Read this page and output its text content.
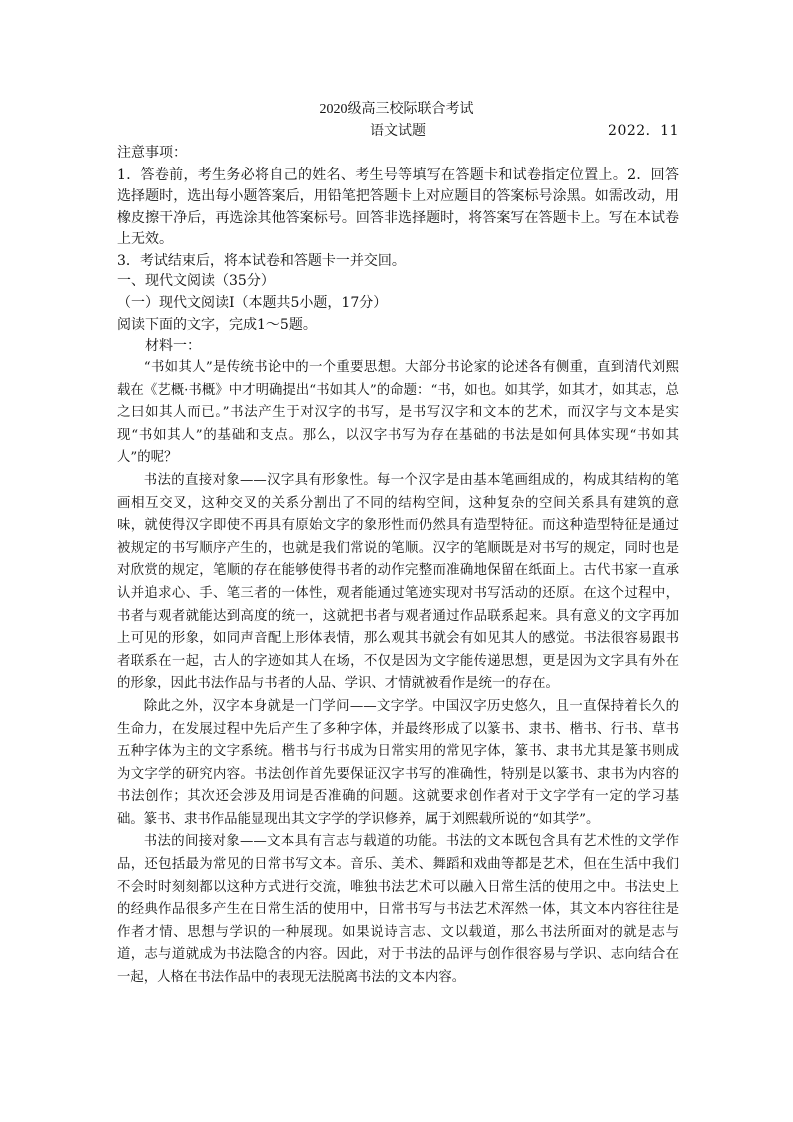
2020级高三校际联合考试
语文试题	2022．11

注意事项：

1．答卷前，考生务必将自己的姓名、考生号等填写在答题卡和试卷指定位置上。2．回答选择题时，选出每小题答案后，用铅笔把答题卡上对应题目的答案标号涂黑。如需改动，用橡皮擦干净后，再选涂其他答案标号。回答非选择题时，将答案写在答题卡上。写在本试卷上无效。

3．考试结束后，将本试卷和答题卡一并交回。

一、现代文阅读（35分）

（一）现代文阅读Ⅰ（本题共5小题，17分）

阅读下面的文字，完成1～5题。

材料一：

“书如其人”是传统书论中的一个重要思想。大部分书论家的论述各有侧重，直到清代刘熙载在《艺概·书概》中才明确提出“书如其人”的命题：“书，如也。如其学，如其才，如其志，总之曰如其人而已。”书法产生于对汉字的书写，是书写汉字和文本的艺术，而汉字与文本是实现“书如其人”的基础和支点。那么，以汉字书写为存在基础的书法是如何具体实现“书如其人”的呢？

书法的直接对象——汉字具有形象性。每一个汉字是由基本笔画组成的，构成其结构的笔画相互交叉，这种交叉的关系分割出了不同的结构空间，这种复杂的空间关系具有建筑的意味，就使得汉字即使不再具有原始文字的象形性而仍然具有造型特征。而这种造型特征是通过被规定的书写顺序产生的，也就是我们常说的笔顺。汉字的笔顺既是对书写的规定，同时也是对欣赏的规定，笔顺的存在能够使得书者的动作完整而准确地保留在纸面上。古代书家一直承认并追求心、手、笔三者的一体性，观者能通过笔迹实现对书写活动的还原。在这个过程中，书者与观者就能达到高度的统一，这就把书者与观者通过作品联系起来。具有意义的文字再加上可见的形象，如同声音配上形体表情，那么观其书就会有如见其人的感觉。书法很容易跟书者联系在一起，古人的字迹如其人在场，不仅是因为文字能传递思想，更是因为文字具有外在的形象，因此书法作品与书者的人品、学识、才情就被看作是统一的存在。

除此之外，汉字本身就是一门学问——文字学。中国汉字历史悠久，且一直保持着长久的生命力，在发展过程中先后产生了多种字体，并最终形成了以篆书、隶书、楷书、行书、草书五种字体为主的文字系统。楷书与行书成为日常实用的常见字体，篆书、隶书尤其是篆书则成为文字学的研究内容。书法创作首先要保证汉字书写的准确性，特别是以篆书、隶书为内容的书法创作；其次还会涉及用词是否准确的问题。这就要求创作者对于文字学有一定的学习基础。篆书、隶书作品能显现出其文字学的学识修养，属于刘熙载所说的“如其学”。

书法的间接对象——文本具有言志与载道的功能。书法的文本既包含具有艺术性的文学作品，还包括最为常见的日常书写文本。音乐、美术、舞蹈和戏曲等都是艺术，但在生活中我们不会时时刻刻都以这种方式进行交流，唯独书法艺术可以融入日常生活的使用之中。书法史上的经典作品很多产生在日常生活的使用中，日常书写与书法艺术浑然一体，其文本内容往往是作者才情、思想与学识的一种展现。如果说诗言志、文以载道，那么书法所面对的就是志与道，志与道就成为书法隐含的内容。因此，对于书法的品评与创作很容易与学识、志向结合在一起，人格在书法作品中的表现无法脱离书法的文本内容。
